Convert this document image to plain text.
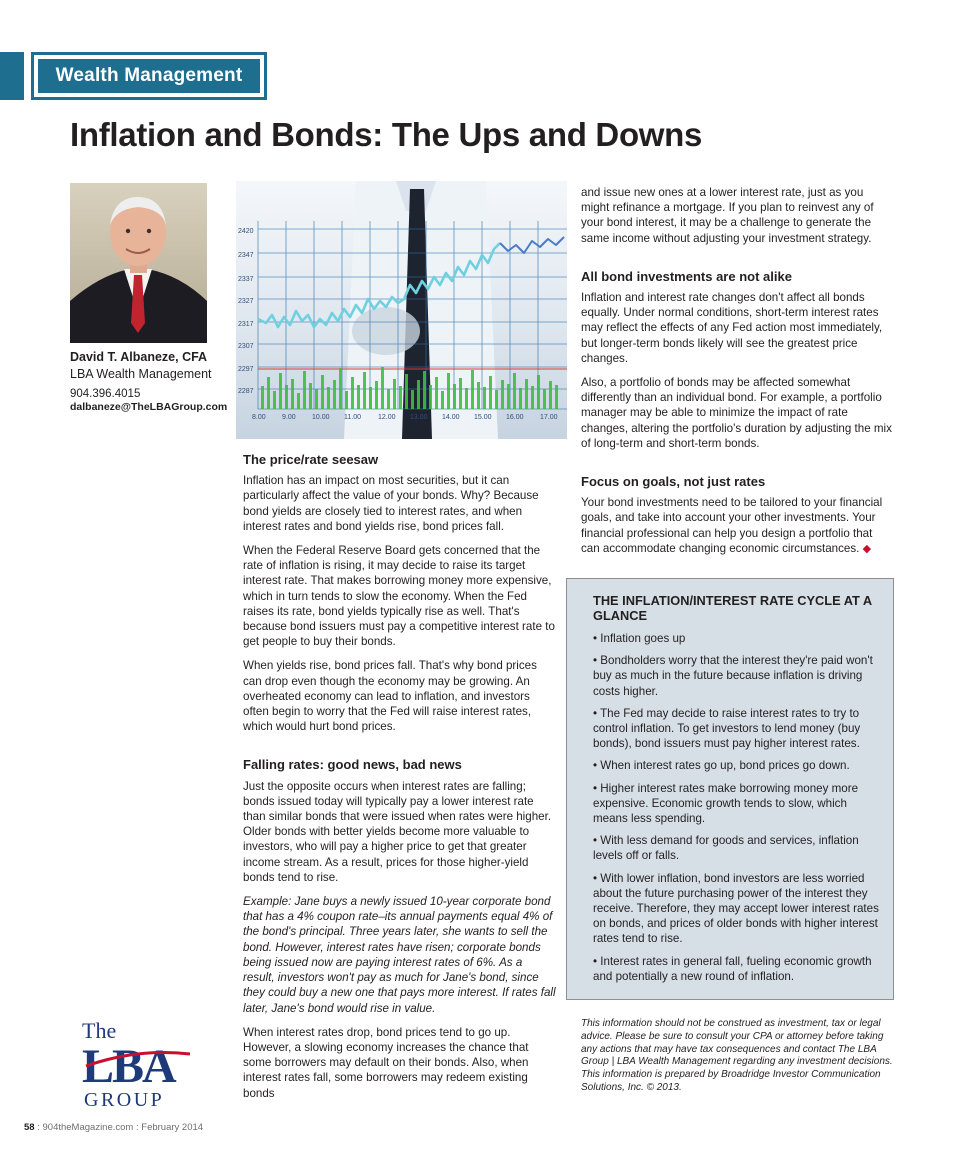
Wealth Management
Inflation and Bonds: The Ups and Downs
David T. Albaneze, CFA
LBA Wealth Management
904.396.4015
dalbaneze@TheLBAGroup.com
2420
2347
2337
2327
2317
2307
2297
2287
8.00 9.00 10.00 11.00 12.00 13.00 14.00 15.00 16.00 17.00
The price/rate seesaw

Inflation has an impact on most securities, but it can particularly affect the value of your bonds. Why? Because bond yields are closely tied to interest rates, and when interest rates and bond yields rise, bond prices fall.

When the Federal Reserve Board gets concerned that the rate of inflation is rising, it may decide to raise its target interest rate. That makes borrowing money more expensive, which in turn tends to slow the economy. When the Fed raises its rate, bond yields typically rise as well. That's because bond issuers must pay a competitive interest rate to get people to buy their bonds.

When yields rise, bond prices fall. That's why bond prices can drop even though the economy may be growing. An overheated economy can lead to inflation, and investors often begin to worry that the Fed will raise interest rates, which would hurt bond prices.

Falling rates: good news, bad news

Just the opposite occurs when interest rates are falling; bonds issued today will typically pay a lower interest rate than similar bonds that were issued when rates were higher. Older bonds with better yields become more valuable to investors, who will pay a higher price to get that greater income stream. As a result, prices for those higher-yield bonds tend to rise.

Example: Jane buys a newly issued 10-year corporate bond that has a 4% coupon rate–its annual payments equal 4% of the bond's principal. Three years later, she wants to sell the bond. However, interest rates have risen; corporate bonds being issued now are paying interest rates of 6%. As a result, investors won't pay as much for Jane's bond, since they could buy a new one that pays more interest. If rates fall later, Jane's bond would rise in value.

When interest rates drop, bond prices tend to go up. However, a slowing economy increases the chance that some borrowers may default on their bonds. Also, when interest rates fall, some borrowers may redeem existing bonds

and issue new ones at a lower interest rate, just as you might refinance a mortgage. If you plan to reinvest any of your bond interest, it may be a challenge to generate the same income without adjusting your investment strategy.

All bond investments are not alike

Inflation and interest rate changes don't affect all bonds equally. Under normal conditions, short-term interest rates may reflect the effects of any Fed action most immediately, but longer-term bonds likely will see the greatest price changes.

Also, a portfolio of bonds may be affected somewhat differently than an individual bond. For example, a portfolio manager may be able to minimize the impact of rate changes, altering the portfolio's duration by adjusting the mix of long-term and short-term bonds.

Focus on goals, not just rates

Your bond investments need to be tailored to your financial goals, and take into account your other investments. Your financial professional can help you design a portfolio that can accommodate changing economic circumstances. ◆

THE INFLATION/INTEREST RATE CYCLE AT A GLANCE
• Inflation goes up
• Bondholders worry that the interest they're paid won't buy as much in the future because inflation is driving costs higher.
• The Fed may decide to raise interest rates to try to control inflation. To get investors to lend money (buy bonds), bond issuers must pay higher interest rates.
• When interest rates go up, bond prices go down.
• Higher interest rates make borrowing money more expensive. Economic growth tends to slow, which means less spending.
• With less demand for goods and services, inflation levels off or falls.
• With lower inflation, bond investors are less worried about the future purchasing power of the interest they receive. Therefore, they may accept lower interest rates on bonds, and prices of older bonds with higher interest rates tend to rise.
• Interest rates in general fall, fueling economic growth and potentially a new round of inflation.
This information should not be construed as investment, tax or legal advice. Please be sure to consult your CPA or attorney before taking any actions that may have tax consequences and contact The LBA Group | LBA Wealth Management regarding any investment decisions. This information is prepared by Broadridge Investor Communication Solutions, Inc. © 2013.
The
LBA
GROUP
58 : 904theMagazine.com : February 2014
